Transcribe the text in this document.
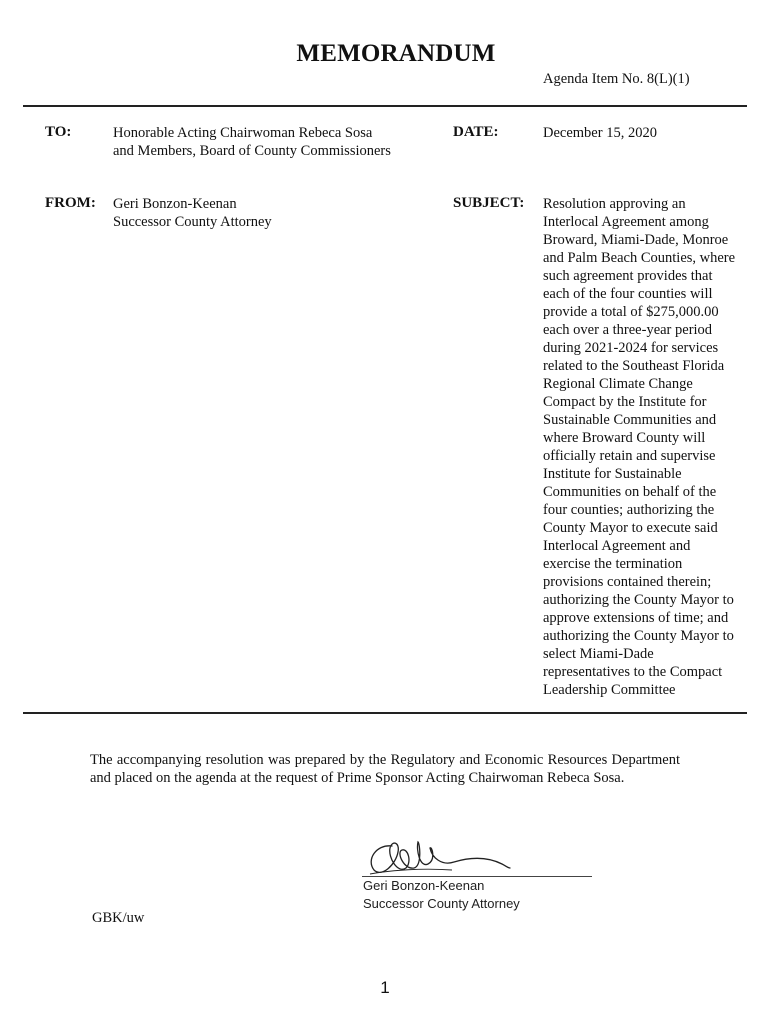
MEMORANDUM
Agenda Item No. 8(L)(1)
TO:	Honorable Acting Chairwoman Rebeca Sosa
and Members, Board of County Commissioners
DATE:	December 15, 2020
FROM: Geri Bonzon-Keenan
Successor County Attorney
SUBJECT: Resolution approving an
Interlocal Agreement among
Broward, Miami-Dade, Monroe
and Palm Beach Counties, where
such agreement provides that
each of the four counties will
provide a total of $275,000.00
each over a three-year period
during 2021-2024 for services
related to the Southeast Florida
Regional Climate Change
Compact by the Institute for
Sustainable Communities and
where Broward County will
officially retain and supervise
Institute for Sustainable
Communities on behalf of the
four counties; authorizing the
County Mayor to execute said
Interlocal Agreement and
exercise the termination
provisions contained therein;
authorizing the County Mayor to
approve extensions of time; and
authorizing the County Mayor to
select Miami-Dade
representatives to the Compact
Leadership Committee
The accompanying resolution was prepared by the Regulatory and Economic Resources Department and placed on the agenda at the request of Prime Sponsor Acting Chairwoman Rebeca Sosa.
Geri Bonzon-Keenan
Successor County Attorney
GBK/uw
1
